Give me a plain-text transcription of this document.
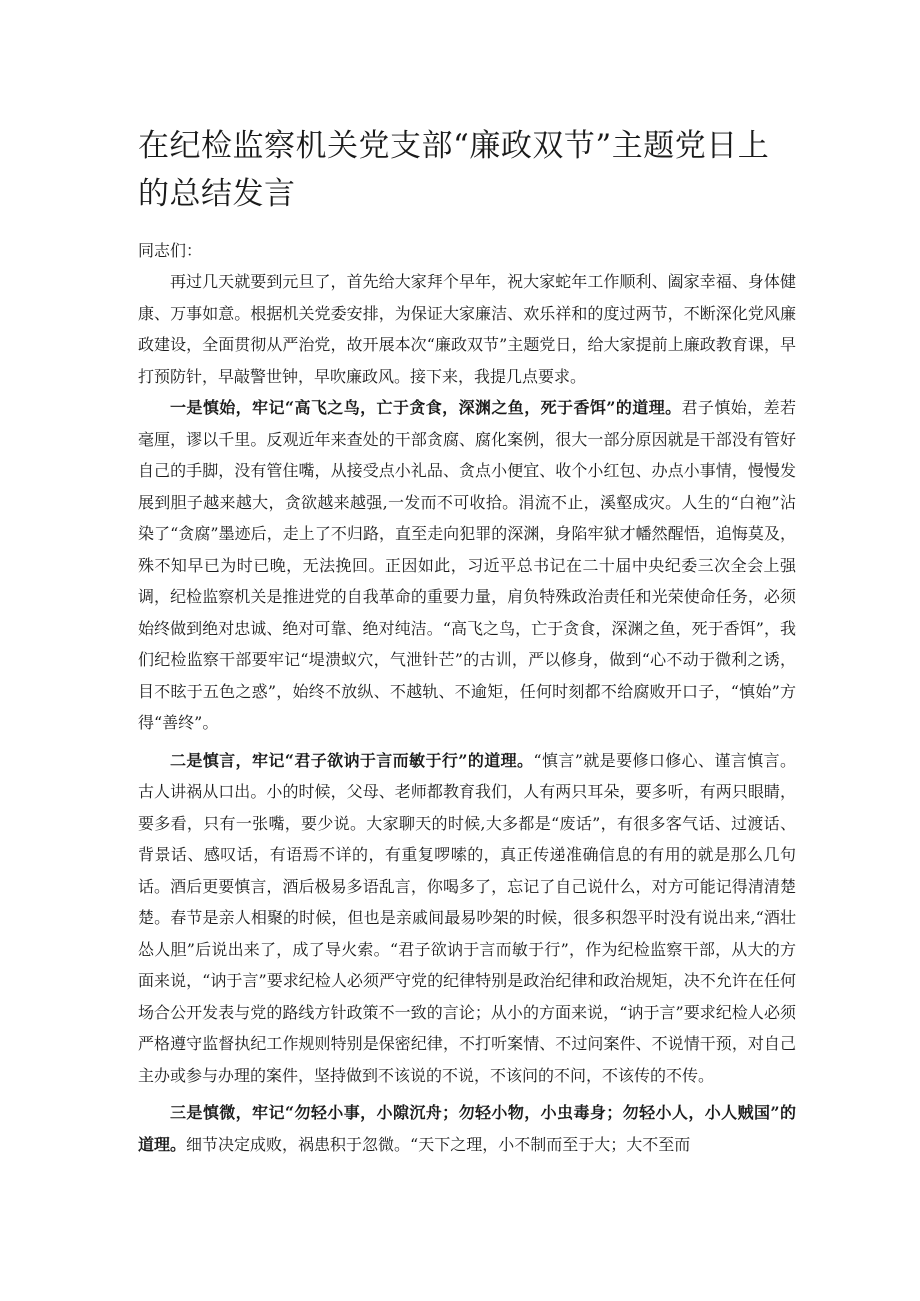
在纪检监察机关党支部“廉政双节”主题党日上的总结发言

同志们：

再过几天就要到元旦了，首先给大家拜个早年，祝大家蛇年工作顺利、阖家幸福、身体健康、万事如意。根据机关党委安排，为保证大家廉洁、欢乐祥和的度过两节，不断深化党风廉政建设，全面贯彻从严治党，故开展本次“廉政双节”主题党日，给大家提前上廉政教育课，早打预防针，早敲警世钟，早吹廉政风。接下来，我提几点要求。

一是慎始，牢记“高飞之鸟，亡于贪食，深渊之鱼，死于香饵”的道理。君子慎始，差若毫厘，谬以千里。反观近年来查处的干部贪腐、腐化案例，很大一部分原因就是干部没有管好自己的手脚，没有管住嘴，从接受点小礼品、贪点小便宜、收个小红包、办点小事情，慢慢发展到胆子越来越大，贪欲越来越强,一发而不可收拾。涓流不止，溪壑成灾。人生的“白袍”沾染了“贪腐”墨迹后，走上了不归路，直至走向犯罪的深渊，身陷牢狱才幡然醒悟，追悔莫及，殊不知早已为时已晚，无法挽回。正因如此，习近平总书记在二十届中央纪委三次全会上强调，纪检监察机关是推进党的自我革命的重要力量，肩负特殊政治责任和光荣使命任务，必须始终做到绝对忠诚、绝对可靠、绝对纯洁。“高飞之鸟，亡于贪食，深渊之鱼，死于香饵”，我们纪检监察干部要牢记“堤溃蚁穴，气泄针芒”的古训，严以修身，做到“心不动于微利之诱，目不眩于五色之惑”，始终不放纵、不越轨、不逾矩，任何时刻都不给腐败开口子，“慎始”方得“善终”。

二是慎言，牢记“君子欲讷于言而敏于行”的道理。“慎言”就是要修口修心、谨言慎言。古人讲祸从口出。小的时候，父母、老师都教育我们，人有两只耳朵，要多听，有两只眼睛，要多看，只有一张嘴，要少说。大家聊天的时候,大多都是“废话”，有很多客气话、过渡话、背景话、感叹话，有语焉不详的，有重复啰嗦的，真正传递准确信息的有用的就是那么几句话。酒后更要慎言，酒后极易多语乱言，你喝多了，忘记了自己说什么，对方可能记得清清楚楚。春节是亲人相聚的时候，但也是亲戚间最易吵架的时候，很多积怨平时没有说出来,“酒壮怂人胆”后说出来了，成了导火索。“君子欲讷于言而敏于行”，作为纪检监察干部，从大的方面来说，“讷于言”要求纪检人必须严守党的纪律特别是政治纪律和政治规矩，决不允许在任何场合公开发表与党的路线方针政策不一致的言论；从小的方面来说，“讷于言”要求纪检人必须严格遵守监督执纪工作规则特别是保密纪律，不打听案情、不过问案件、不说情干预，对自己主办或参与办理的案件，坚持做到不该说的不说，不该问的不问，不该传的不传。

三是慎微，牢记“勿轻小事，小隙沉舟；勿轻小物，小虫毒身；勿轻小人，小人贼国”的道理。细节决定成败，祸患积于忽微。“天下之理，小不制而至于大；大不至而
